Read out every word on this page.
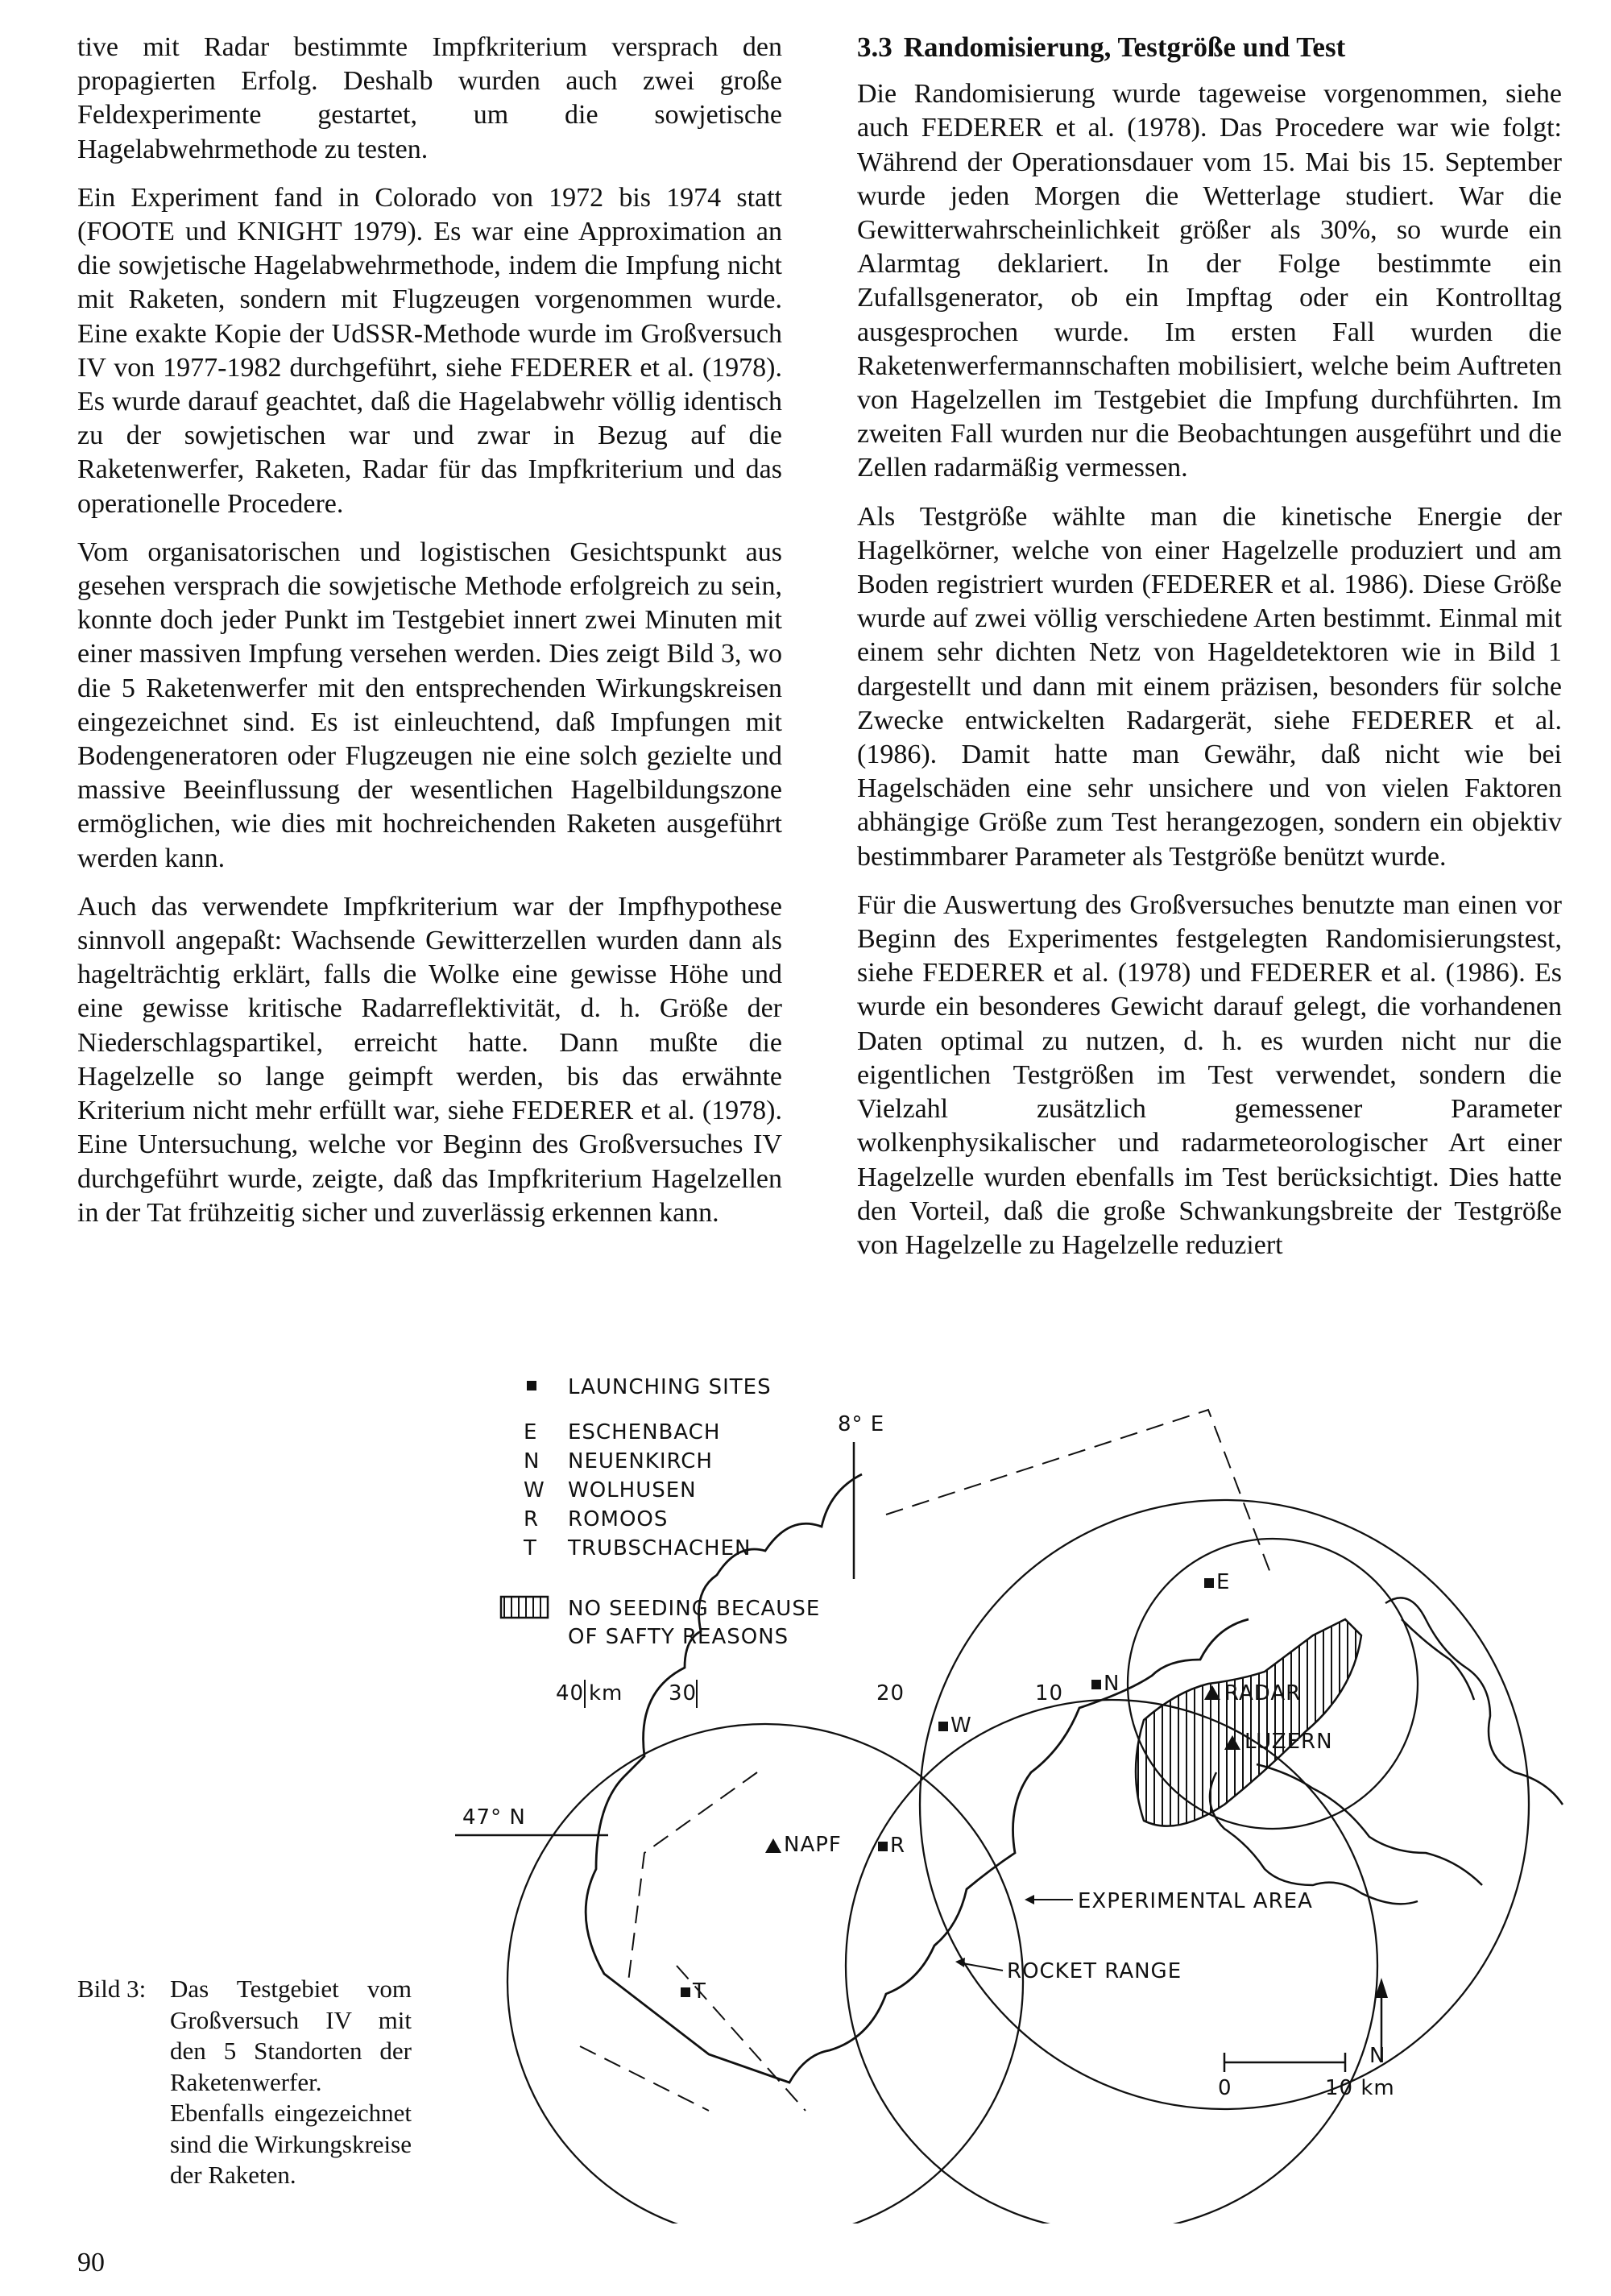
tive mit Radar bestimmte Impfkriterium versprach den propagierten Erfolg. Deshalb wurden auch zwei große Feldexperimente gestartet, um die sowjetische Hagelabwehrmethode zu testen.

Ein Experiment fand in Colorado von 1972 bis 1974 statt (FOOTE und KNIGHT 1979). Es war eine Approximation an die sowjetische Hagelabwehrmethode, indem die Impfung nicht mit Raketen, sondern mit Flugzeugen vorgenommen wurde. Eine exakte Kopie der UdSSR-Methode wurde im Großversuch IV von 1977-1982 durchgeführt, siehe FEDERER et al. (1978). Es wurde darauf geachtet, daß die Hagelabwehr völlig identisch zu der sowjetischen war und zwar in Bezug auf die Raketenwerfer, Raketen, Radar für das Impfkriterium und das operationelle Procedere.

Vom organisatorischen und logistischen Gesichtspunkt aus gesehen versprach die sowjetische Methode erfolgreich zu sein, konnte doch jeder Punkt im Testgebiet innert zwei Minuten mit einer massiven Impfung versehen werden. Dies zeigt Bild 3, wo die 5 Raketenwerfer mit den entsprechenden Wirkungskreisen eingezeichnet sind. Es ist einleuchtend, daß Impfungen mit Bodengeneratoren oder Flugzeugen nie eine solch gezielte und massive Beeinflussung der wesentlichen Hagelbildungszone ermöglichen, wie dies mit hochreichenden Raketen ausgeführt werden kann.

Auch das verwendete Impfkriterium war der Impfhypothese sinnvoll angepaßt: Wachsende Gewitterzellen wurden dann als hagelträchtig erklärt, falls die Wolke eine gewisse Höhe und eine gewisse kritische Radarreflektivität, d. h. Größe der Niederschlagspartikel, erreicht hatte. Dann mußte die Hagelzelle so lange geimpft werden, bis das erwähnte Kriterium nicht mehr erfüllt war, siehe FEDERER et al. (1978). Eine Untersuchung, welche vor Beginn des Großversuches IV durchgeführt wurde, zeigte, daß das Impfkriterium Hagelzellen in der Tat frühzeitig sicher und zuverlässig erkennen kann.

3.3 Randomisierung, Testgröße und Test

Die Randomisierung wurde tageweise vorgenommen, siehe auch FEDERER et al. (1978). Das Procedere war wie folgt: Während der Operationsdauer vom 15. Mai bis 15. September wurde jeden Morgen die Wetterlage studiert. War die Gewitterwahrscheinlichkeit größer als 30%, so wurde ein Alarmtag deklariert. In der Folge bestimmte ein Zufallsgenerator, ob ein Impftag oder ein Kontrolltag ausgesprochen wurde. Im ersten Fall wurden die Raketenwerfermannschaften mobilisiert, welche beim Auftreten von Hagelzellen im Testgebiet die Impfung durchführten. Im zweiten Fall wurden nur die Beobachtungen ausgeführt und die Zellen radarmäßig vermessen.

Als Testgröße wählte man die kinetische Energie der Hagelkörner, welche von einer Hagelzelle produziert und am Boden registriert wurden (FEDERER et al. 1986). Diese Größe wurde auf zwei völlig verschiedene Arten bestimmt. Einmal mit einem sehr dichten Netz von Hageldetektoren wie in Bild 1 dargestellt und dann mit einem präzisen, besonders für solche Zwecke entwickelten Radargerät, siehe FEDERER et al. (1986). Damit hatte man Gewähr, daß nicht wie bei Hagelschäden eine sehr unsichere und von vielen Faktoren abhängige Größe zum Test herangezogen, sondern ein objektiv bestimmbarer Parameter als Testgröße benützt wurde.

Für die Auswertung des Großversuches benutzte man einen vor Beginn des Experimentes festgelegten Randomisierungstest, siehe FEDERER et al. (1978) und FEDERER et al. (1986). Es wurde ein besonderes Gewicht darauf gelegt, die vorhandenen Daten optimal zu nutzen, d. h. es wurden nicht nur die eigentlichen Testgrößen im Test verwendet, sondern die Vielzahl zusätzlich gemessener Parameter wolkenphysikalischer und radarmeteorologischer Art einer Hagelzelle wurden ebenfalls im Test berücksichtigt. Dies hatte den Vorteil, daß die große Schwankungsbreite der Testgröße von Hagelzelle zu Hagelzelle reduziert

LAUNCHING SITES
E ESCHENBACH
N NEUENKIRCH
W WOLHUSEN
R ROMOOS
T TRUBSCHACHEN
NO SEEDING BECAUSE
OF SAFTY REASONS
8° E
47° N
40 km 30	20	10
E
N
W
R
T
RADAR
LUZERN
NAPF
EXPERIMENTAL AREA
ROCKET RANGE
N
0	10 km
Bild 3: Das Testgebiet vom Großversuch IV mit den 5 Standorten der Raketenwerfer. Ebenfalls eingezeichnet sind die Wirkungskreise der Raketen.
90
